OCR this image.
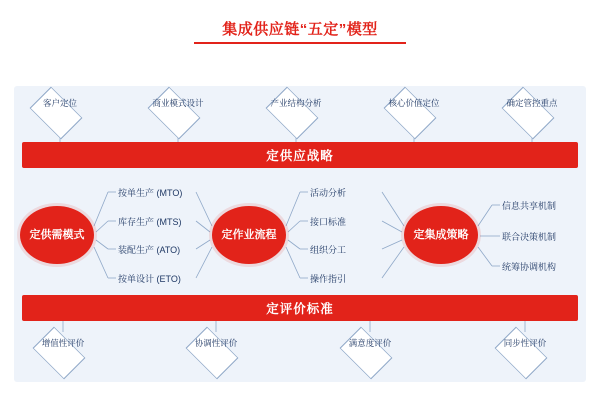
集成供应链“五定”模型
客户定位	商业模式设计	产业结构分析	核心价值定位	确定管控重点
定供应战略
定供需模式	定作业流程	定集成策略
按单生产 (MTO)
库存生产 (MTS)
装配生产 (ATO)
按单设计 (ETO)
活动分析
接口标准
组织分工
操作指引
信息共享机制
联合决策机制
统筹协调机构
定评价标准
增值性评价	协调性评价	满意度评价	同步性评价
